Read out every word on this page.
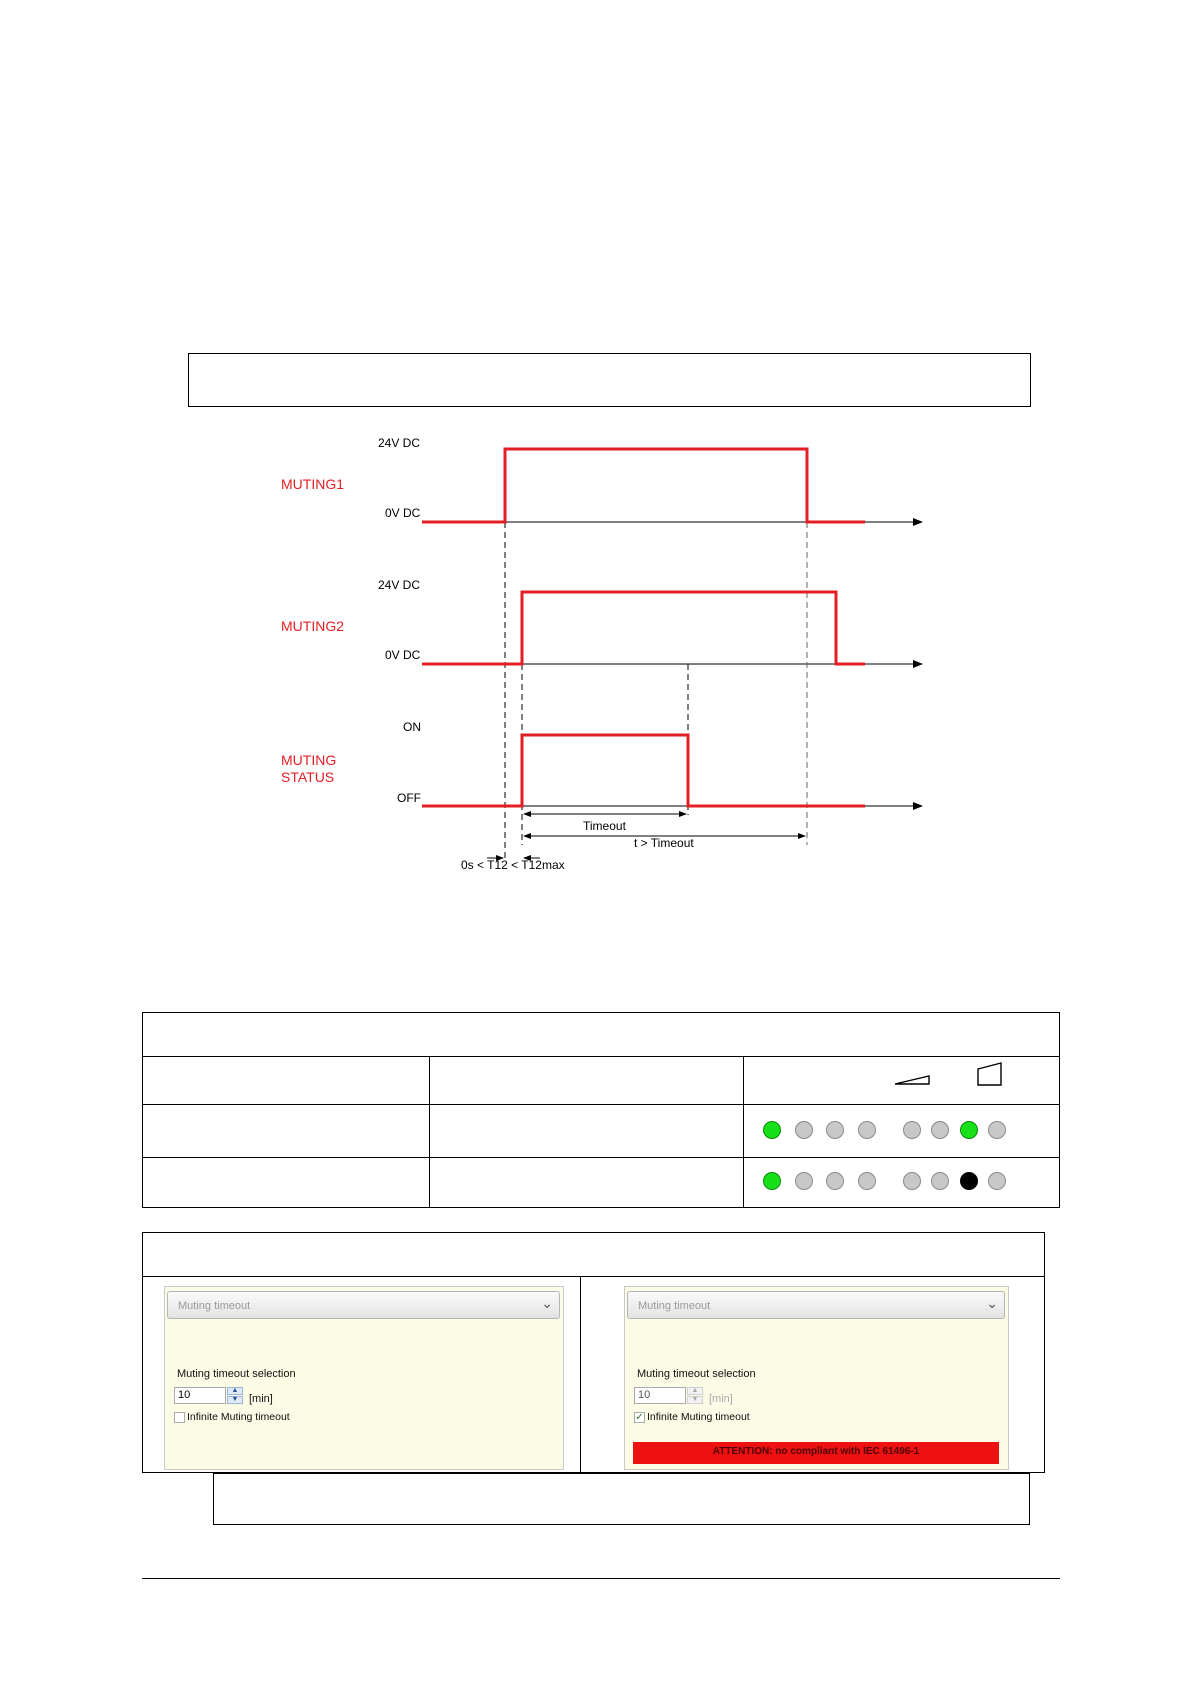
MUTING1
MUTING2
MUTING
STATUS
24V DC
0V DC
24V DC
0V DC
ON
OFF
Timeout
t > Timeout
0s < T12 < T12max
Muting timeout	⌄
Muting timeout selection
10	▲
▼ [min]
Infinite Muting timeout
Muting timeout	⌄
Muting timeout selection
10	▲
▼ [min]
✓ Infinite Muting timeout
ATTENTION: no compliant with IEC 61496-1
